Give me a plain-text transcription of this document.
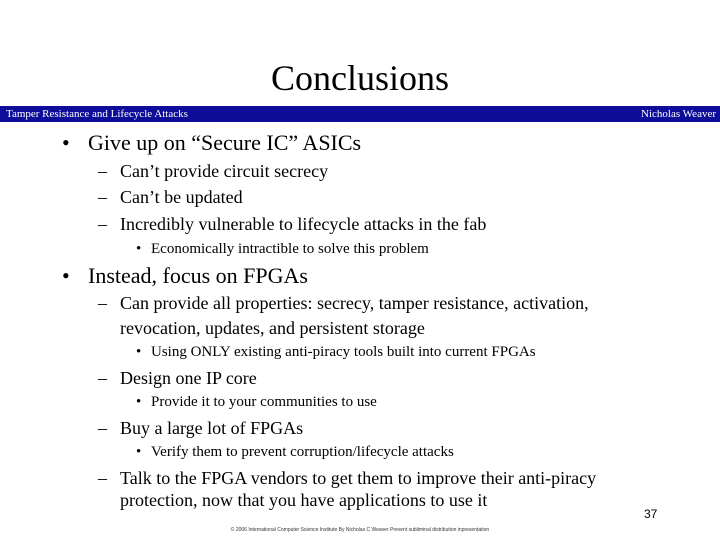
Conclusions
Tamper Resistance and Lifecycle Attacks	Nicholas Weaver
• Give up on “Secure IC” ASICs
– Can’t provide circuit secrecy
– Can’t be updated
– Incredibly vulnerable to lifecycle attacks in the fab
• Economically intractible to solve this problem
• Instead, focus on FPGAs
– Can provide all properties: secrecy, tamper resistance, activation,
revocation, updates, and persistent storage
• Using ONLY existing anti-piracy tools built into current FPGAs
– Design one IP core
• Provide it to your communities to use
– Buy a large lot of FPGAs
• Verify them to prevent corruption/lifecycle attacks
– Talk to the FPGA vendors to get them to improve their anti-piracy
protection, now that you have applications to use it
37
© 2006 International Computer Science Institute By Nicholas C Weaver Prevent subliminal distribution inpresentation
